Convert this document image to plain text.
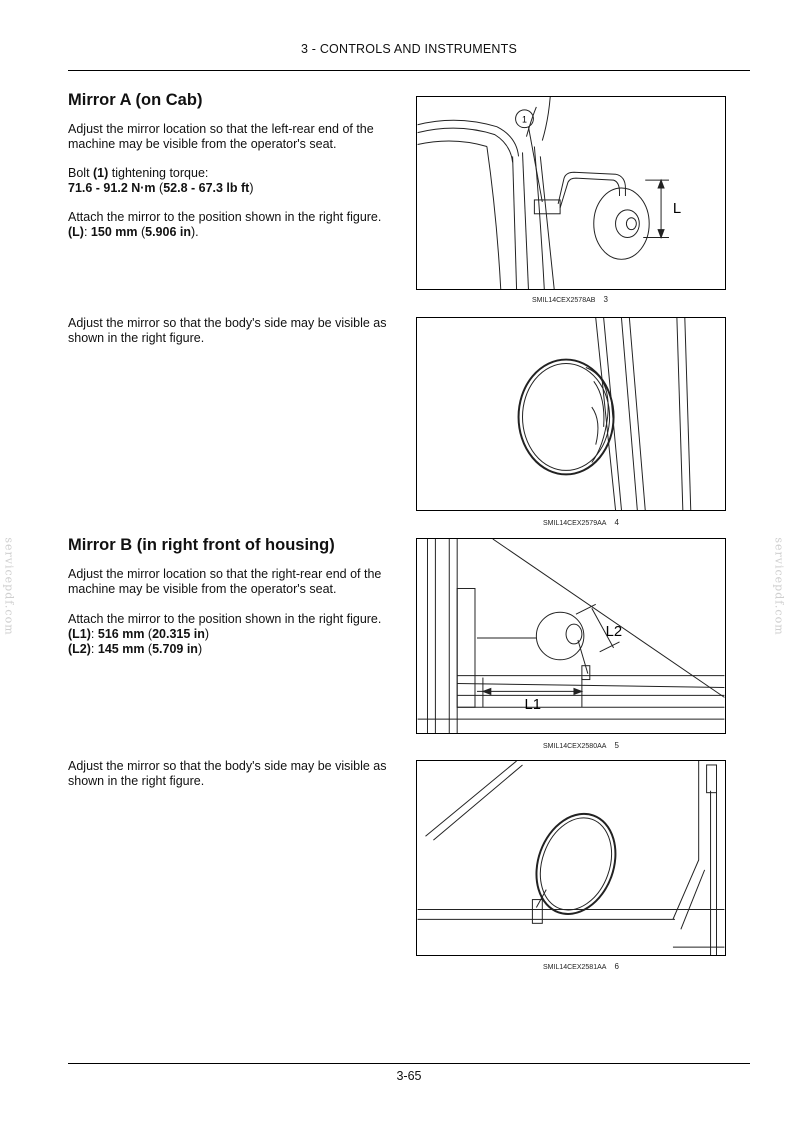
3 - CONTROLS AND INSTRUMENTS
servicepdf.com	servicepdf.com
Mirror A (on Cab)

Adjust the mirror location so that the left-rear end of the machine may be visible from the operator's seat.

Bolt (1) tightening torque:
71.6 - 91.2 N·m (52.8 - 67.3 lb ft)

Attach the mirror to the position shown in the right figure.
(L): 150 mm (5.906 in).

Adjust the mirror so that the body's side may be visible as shown in the right figure.

1
L
SMIL14CEX2578AB 3
SMIL14CEX2579AA 4
Mirror B (in right front of housing)

Adjust the mirror location so that the right-rear end of the machine may be visible from the operator's seat.

Attach the mirror to the position shown in the right figure.
(L1): 516 mm (20.315 in)
(L2): 145 mm (5.709 in)

Adjust the mirror so that the body's side may be visible as shown in the right figure.

L2
L1
SMIL14CEX2580AA 5
SMIL14CEX2581AA 6
3-65
